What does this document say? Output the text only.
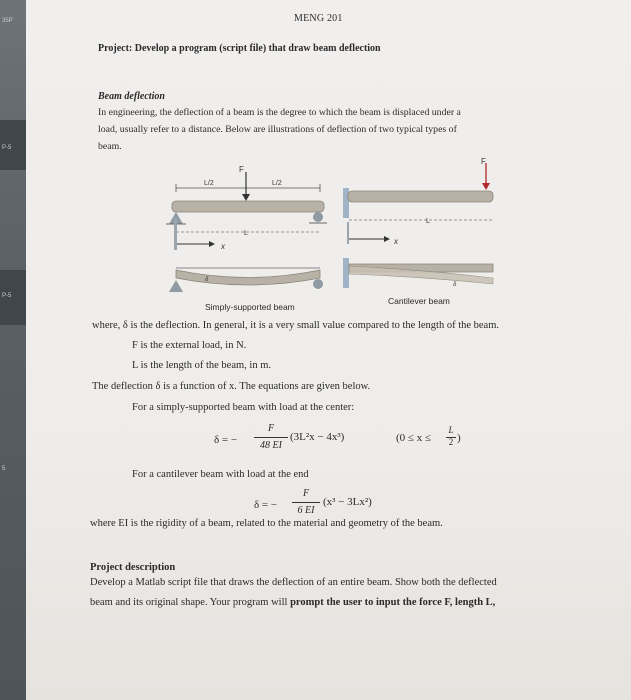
35P
P-5
P-5
5
MENG 201
Project: Develop a program (script file) that draw beam deflection
Beam deflection
In engineering, the deflection of a beam is the degree to which the beam is displaced under a
load, usually refer to a distance. Below are illustrations of deflection of two typical types of
beam.
L/2	L/2
F
L
x
δ
F
L
x
δ
Simply-supported beam
Cantilever beam
where, δ is the deflection. In general, it is a very small value compared to the length of the beam.
F is the external load, in N.
L is the length of the beam, in m.
The deflection δ is a function of x. The equations are given below.
For a simply-supported beam with load at the center:
δ = −
F
48 EI
(3L²x − 4x³)	(0 ≤ x ≤
L
2 )
For a cantilever beam with load at the end
δ = −
F
6 EI
(x³ − 3Lx²)
where EI is the rigidity of a beam, related to the material and geometry of the beam.
Project description
Develop a Matlab script file that draws the deflection of an entire beam. Show both the deflected
beam and its original shape. Your program will prompt the user to input the force F, length L,
